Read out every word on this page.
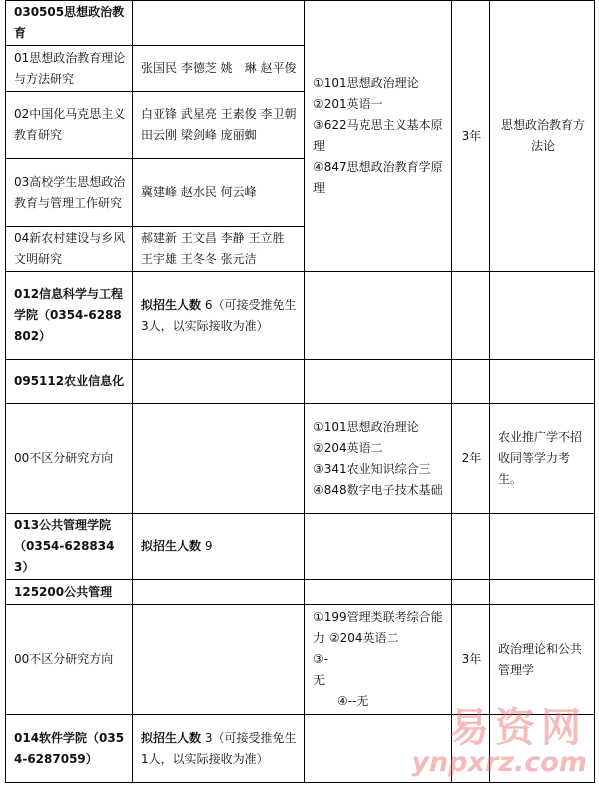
030505思想政治教育		①101思想政治理论
②201英语一
③622马克思主义基本原理
④847思想政治教育学原理	3年	思想政治教育方法论
01思想政治教育理论与方法研究	张国民 李德芝 姚　琳 赵平俊			
02中国化马克思主义教育研究	白亚锋 武星亮 王素俊 李卫朝 田云刚 梁剑峰 庞丽蜘			
03高校学生思想政治教育与管理工作研究	冀建峰 赵水民 何云峰			
04新农村建设与乡风文明研究	郝建新 王文昌 李静 王立胜 王宇雄 王冬冬 张元洁			
012信息科学与工程学院（0354-6288802）	拟招生人数 6（可接受推免生3人，以实际接收为准）			
095112农业信息化				
00不区分研究方向		①101思想政治理论
②204英语二
③341农业知识综合三
④848数字电子技术基础	2年	农业推广学不招收同等学力考生。
013公共管理学院（0354-6288343）	拟招生人数 9			
125200公共管理				
00不区分研究方向		①199管理类联考综合能力 ②204英语二
③-
无
　　④--无	3年	政治理论和公共管理学
014软件学院（0354-6287059）	拟招生人数 3（可接受推免生1人，以实际接收为准）			
易资网
ynpxrz.com
